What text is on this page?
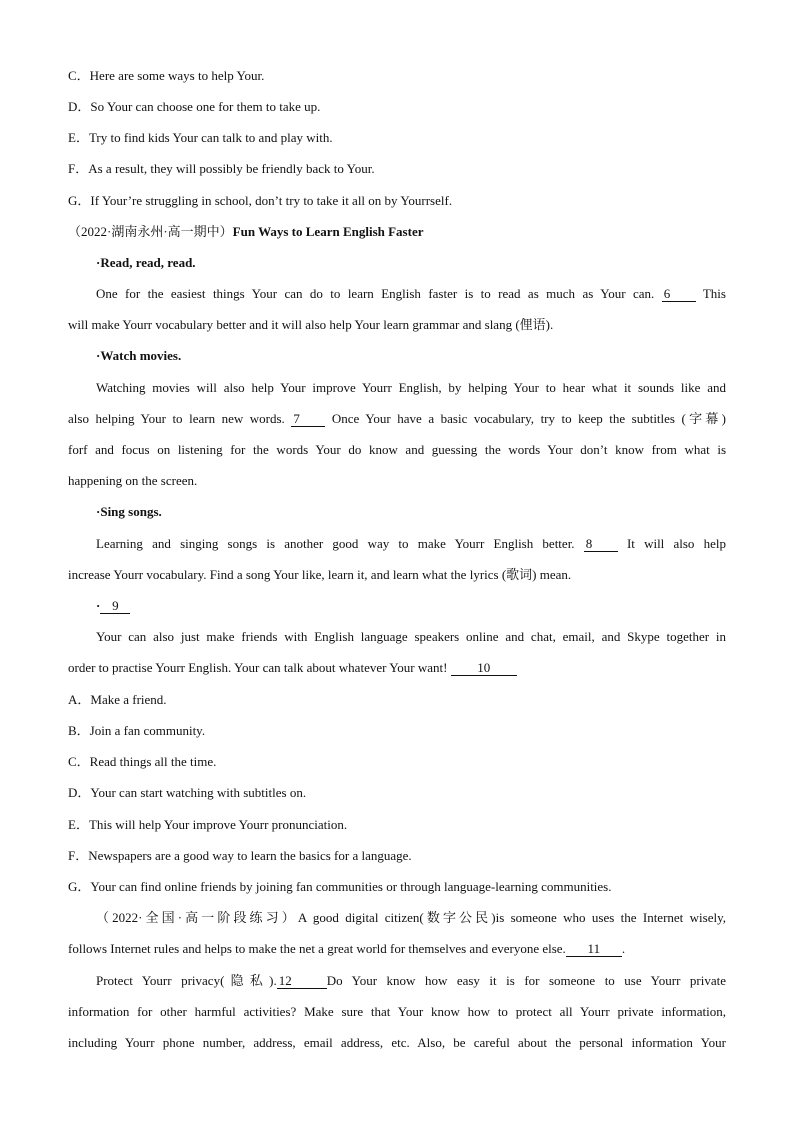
C．Here are some ways to help Your.
D．So Your can choose one for them to take up.
E．Try to find kids Your can talk to and play with.
F．As a result, they will possibly be friendly back to Your.
G．If Your’re struggling in school, don’t try to take it all on by Yourrself.
（2022·湖南永州·高一期中）Fun Ways to Learn English Faster
·Read, read, read.
One for the easiest things Your can do to learn English faster is to read as much as Your can. 6 This
will make Yourr vocabulary better and it will also help Your learn grammar and slang (俚语).
·Watch movies.
Watching movies will also help Your improve Yourr English, by helping Your to hear what it sounds like and
also helping Your to learn new words. 7 Once Your have a basic vocabulary, try to keep the subtitles (字幕)
forf and focus on listening for the words Your do know and guessing the words Your don’t know from what is
happening on the screen.
·Sing songs.
Learning and singing songs is another good way to make Yourr English better. 8 It will also help
increase Yourr vocabulary. Find a song Your like, learn it, and learn what the lyrics (歌词) mean.
· 9
Your can also just make friends with English language speakers online and chat, email, and Skype together in
order to practise Yourr English. Your can talk about whatever Your want! 10
A．Make a friend.
B．Join a fan community.
C．Read things all the time.
D．Your can start watching with subtitles on.
E．This will help Your improve Yourr pronunciation.
F．Newspapers are a good way to learn the basics for a language.
G．Your can find online friends by joining fan communities or through language-learning communities.
（2022·全国·高一阶段练习）A good digital citizen(数字公民)is someone who uses the Internet wisely,
follows Internet rules and helps to make the net a great world for themselves and everyone else. 11 .
Protect Yourr privacy(隐私). 12	Do Your know how easy it is for someone to use Yourr private
information for other harmful activities? Make sure that Your know how to protect all Yourr private information,
including Yourr phone number, address, email address, etc. Also, be careful about the personal information Your
